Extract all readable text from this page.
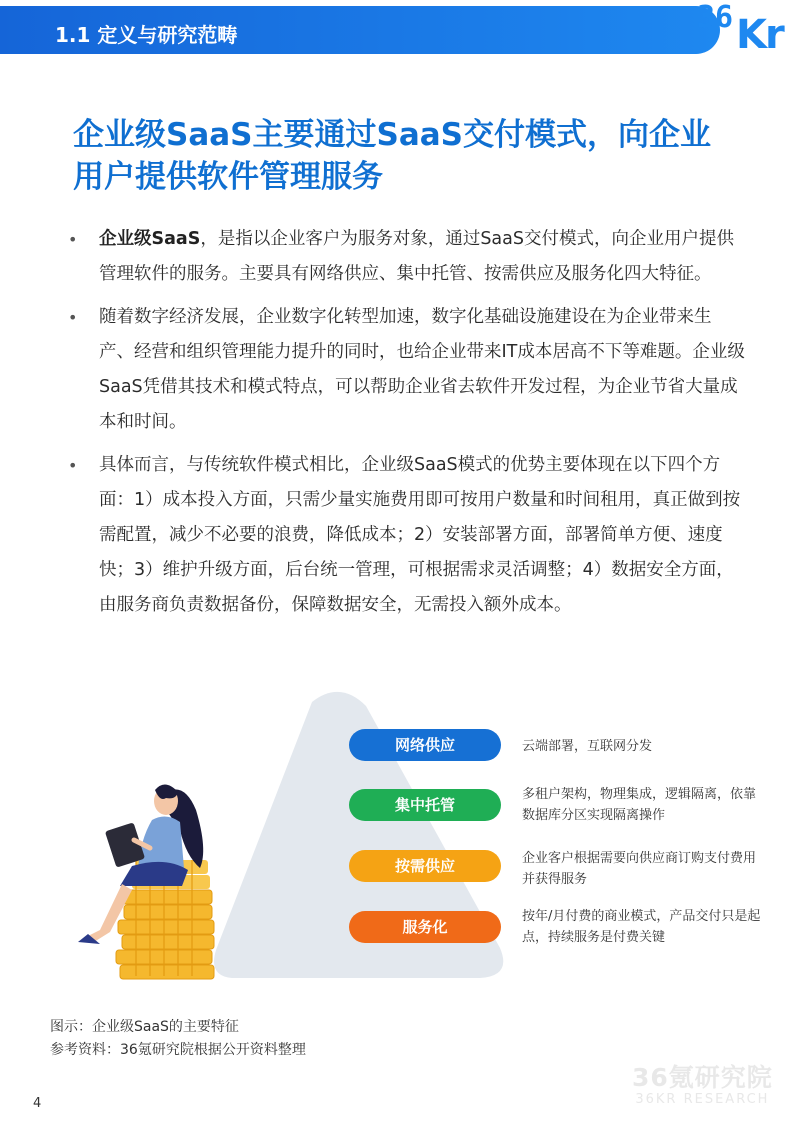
1.1 定义与研究范畴	36 Kr
企业级SaaS主要通过SaaS交付模式，向企业用户提供软件管理服务
• 企业级SaaS，是指以企业客户为服务对象，通过SaaS交付模式，向企业用户提供管理软件的服务。主要具有网络供应、集中托管、按需供应及服务化四大特征。
• 随着数字经济发展，企业数字化转型加速，数字化基础设施建设在为企业带来生产、经营和组织管理能力提升的同时，也给企业带来IT成本居高不下等难题。企业级SaaS凭借其技术和模式特点，可以帮助企业省去软件开发过程，为企业节省大量成本和时间。
• 具体而言，与传统软件模式相比，企业级SaaS模式的优势主要体现在以下四个方面：1）成本投入方面，只需少量实施费用即可按用户数量和时间租用，真正做到按需配置，减少不必要的浪费，降低成本；2）安装部署方面，部署简单方便、速度快；3）维护升级方面，后台统一管理，可根据需求灵活调整；4）数据安全方面，由服务商负责数据备份，保障数据安全，无需投入额外成本。
网络供应
集中托管
按需供应
服务化
云端部署，互联网分发
多租户架构，物理集成，逻辑隔离，依靠数据库分区实现隔离操作
企业客户根据需要向供应商订购支付费用并获得服务
按年/月付费的商业模式，产品交付只是起点，持续服务是付费关键
图示：企业级SaaS的主要特征
参考资料：36氪研究院根据公开资料整理
36氪研究院
36KR RESEARCH
4
